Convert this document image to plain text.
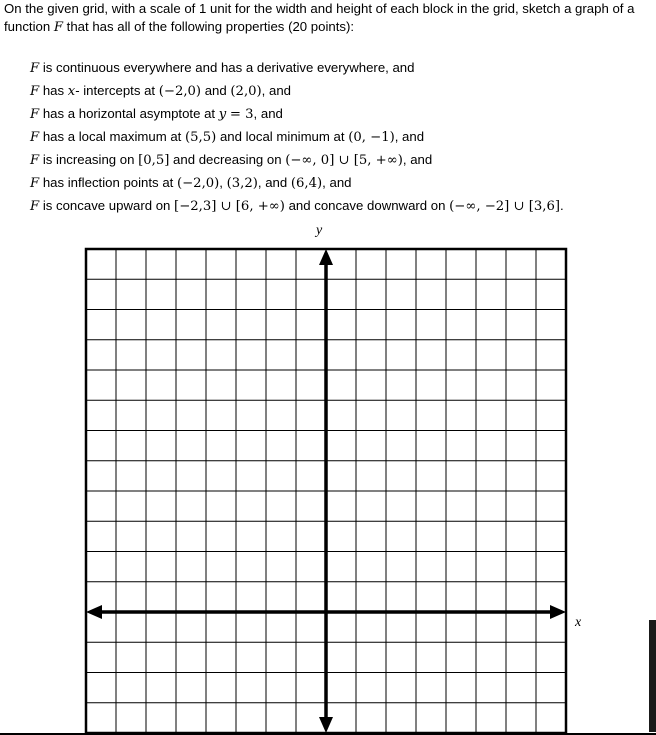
On the given grid, with a scale of 1 unit for the width and height of each block in the grid, sketch a graph of a
function F that has all of the following properties (20 points):
F is continuous everywhere and has a derivative everywhere, and
F has x- intercepts at (−2,0) and (2,0), and
F has a horizontal asymptote at y = 3, and
F has a local maximum at (5,5) and local minimum at (0, −1), and
F is increasing on [0,5] and decreasing on (−∞, 0] ∪ [5, +∞), and
F has inflection points at (−2,0), (3,2), and (6,4), and
F is concave upward on [−2,3] ∪ [6, +∞) and concave downward on (−∞, −2] ∪ [3,6].
y
x
